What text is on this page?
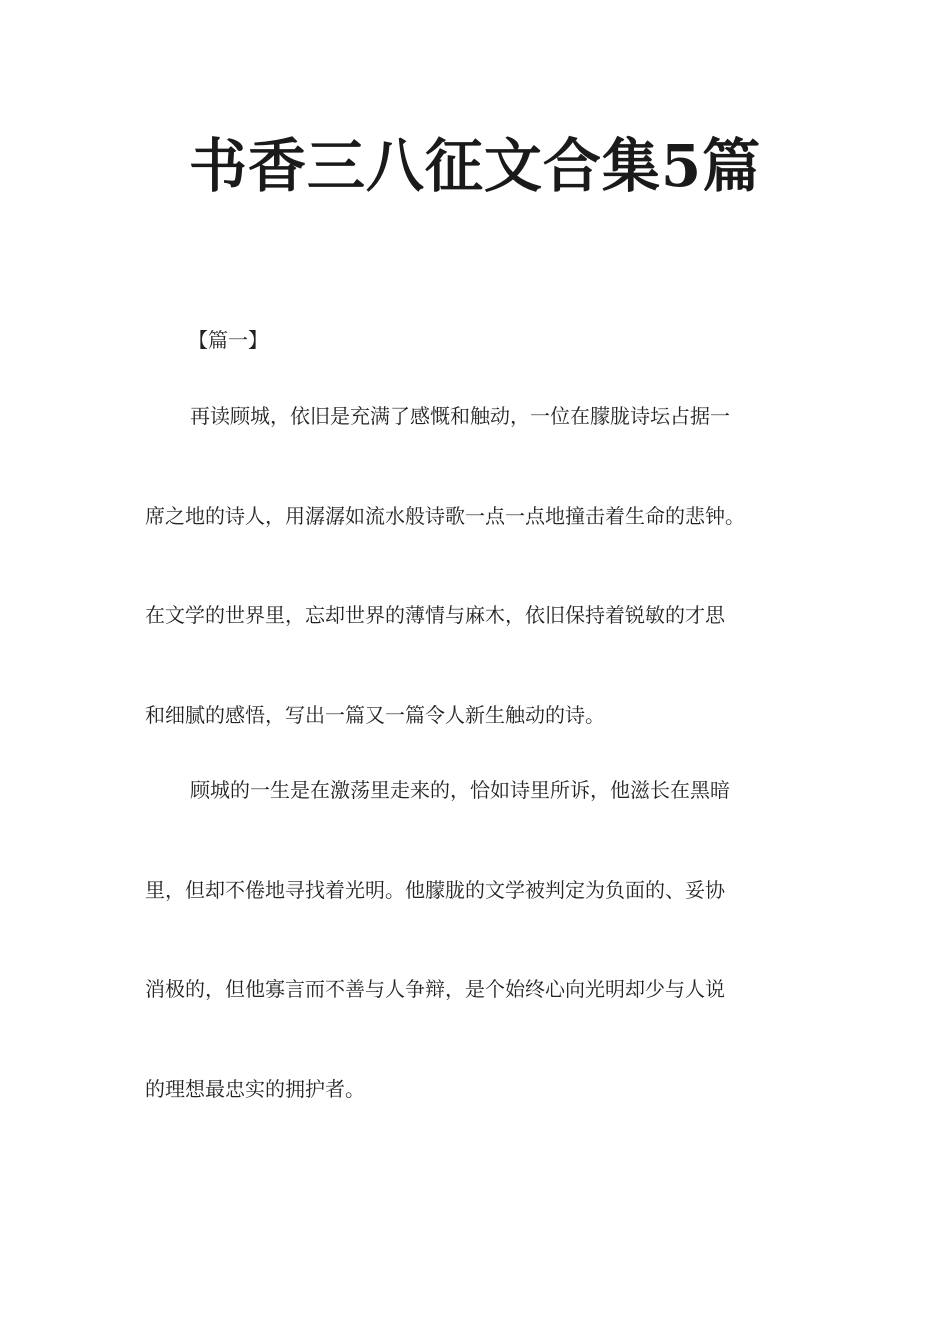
书香三八征文合集5篇
【篇一】
再读顾城，依旧是充满了感慨和触动，一位在朦胧诗坛占据一
席之地的诗人，用潺潺如流水般诗歌一点一点地撞击着生命的悲钟。
在文学的世界里，忘却世界的薄情与麻木，依旧保持着锐敏的才思
和细腻的感悟，写出一篇又一篇令人新生触动的诗。
顾城的一生是在激荡里走来的，恰如诗里所诉，他滋长在黑暗
里，但却不倦地寻找着光明。他朦胧的文学被判定为负面的、妥协
消极的，但他寡言而不善与人争辩，是个始终心向光明却少与人说
的理想最忠实的拥护者。
